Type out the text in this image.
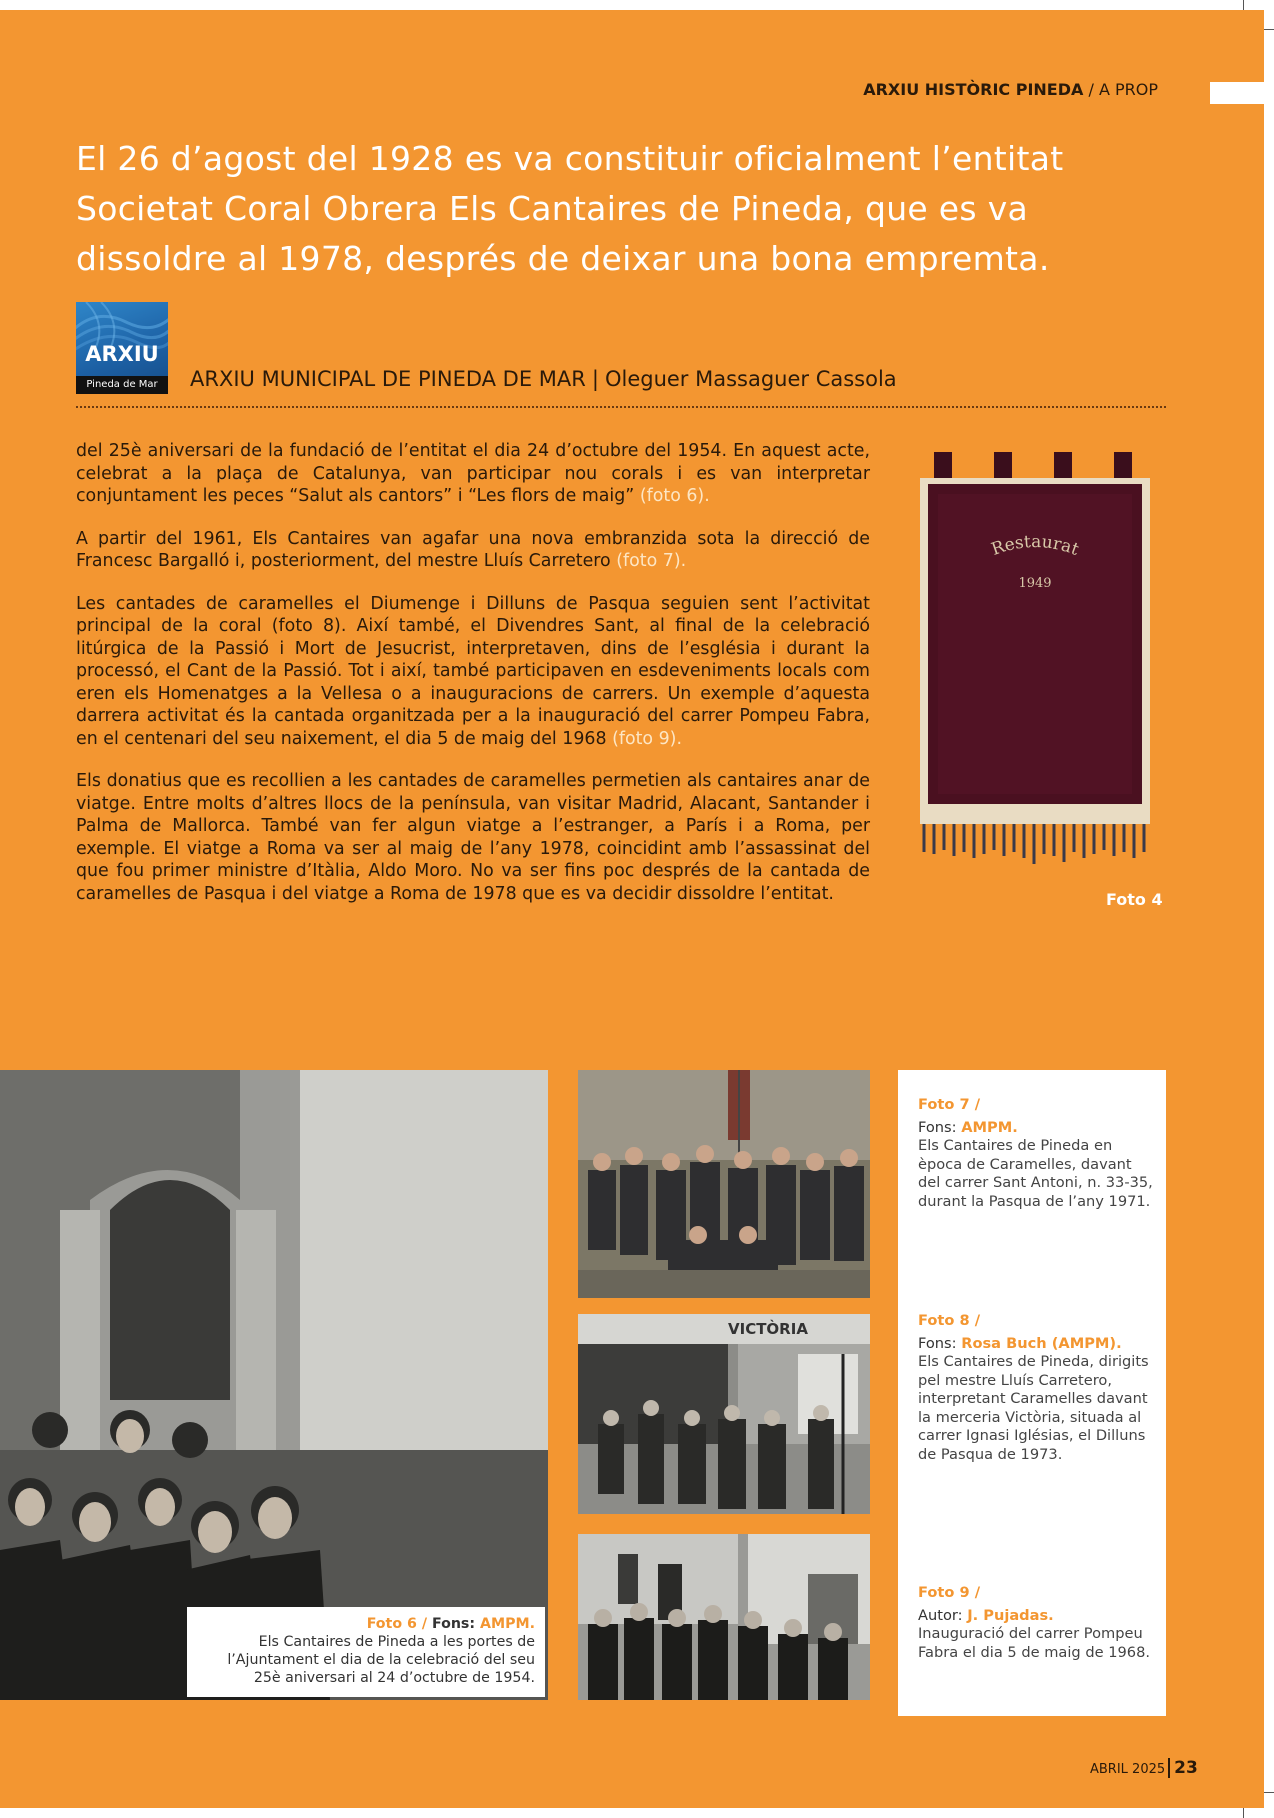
ARXIU HISTÒRIC PINEDA / A PROP
El 26 d’agost del 1928 es va constituir oficialment l’entitat Societat Coral Obrera Els Cantaires de Pineda, que es va dissoldre al 1978, després de deixar una bona empremta.
ARXIU
Pineda de Mar	ARXIU MUNICIPAL DE PINEDA DE MAR | Oleguer Massaguer Cassola

del 25è aniversari de la fundació de l’entitat el dia 24 d’octubre del 1954. En aquest acte, celebrat a la plaça de Catalunya, van participar nou corals i es van interpretar conjuntament les peces “Salut als cantors” i “Les flors de maig” (foto 6).

A partir del 1961, Els Cantaires van agafar una nova embranzida sota la direcció de Francesc Bargalló i, posteriorment, del mestre Lluís Carretero (foto 7).

Les cantades de caramelles el Diumenge i Dilluns de Pasqua seguien sent l’activitat principal de la coral (foto 8). Així també, el Divendres Sant, al final de la celebració litúrgica de la Passió i Mort de Jesucrist, interpretaven, dins de l’església i durant la processó, el Cant de la Passió. Tot i així, també participaven en esdeveniments locals com eren els Homenatges a la Vellesa o a inauguracions de carrers. Un exemple d’aquesta darrera activitat és la cantada organitzada per a la inauguració del carrer Pompeu Fabra, en el centenari del seu naixement, el dia 5 de maig del 1968 (foto 9).

Els donatius que es recollien a les cantades de caramelles permetien als cantaires anar de viatge. Entre molts d’altres llocs de la península, van visitar Madrid, Alacant, Santander i Palma de Mallorca. També van fer algun viatge a l’estranger, a París i a Roma, per exemple. El viatge a Roma va ser al maig de l’any 1978, coincidint amb l’assassinat del que fou primer ministre d’Itàlia, Aldo Moro. No va ser fins poc després de la cantada de caramelles de Pasqua i del viatge a Roma de 1978 que es va decidir dissoldre l’entitat.

Restaurat
1949
Foto 4
VICTÒRIA
Foto 6 / Fons: AMPM.
Els Cantaires de Pineda a les portes de l’Ajuntament el dia de la celebració del seu 25è aniversari al 24 d’octubre de 1954.
Foto 7 /
Fons: AMPM.
Els Cantaires de Pineda en època de Caramelles, davant del carrer Sant Antoni, n. 33-35, durant la Pasqua de l’any 1971.
Foto 8 /
Fons: Rosa Buch (AMPM).
Els Cantaires de Pineda, dirigits pel mestre Lluís Carretero, interpretant Caramelles davant la merceria Victòria, situada al carrer Ignasi Iglésias, el Dilluns de Pasqua de 1973.
Foto 9 /
Autor: J. Pujadas.
Inauguració del carrer Pompeu Fabra el dia 5 de maig de 1968.
ABRIL 2025 23
